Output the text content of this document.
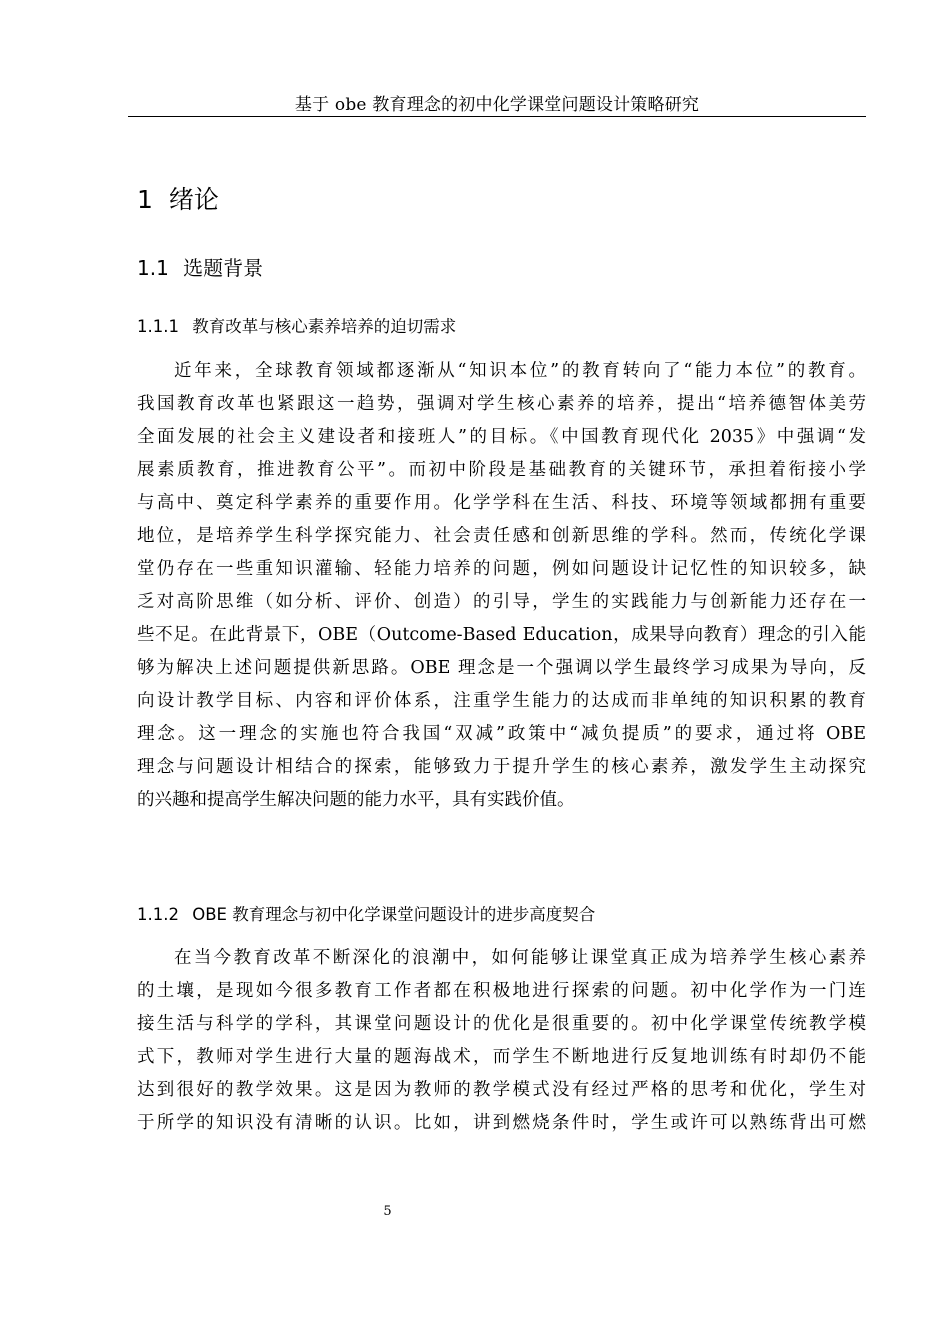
基于 obe 教育理念的初中化学课堂问题设计策略研究
1 绪论
1.1 选题背景
1.1.1 教育改革与核心素养培养的迫切需求
近年来，全球教育领域都逐渐从“知识本位”的教育转向了“能力本位”的教育。
我国教育改革也紧跟这一趋势，强调对学生核心素养的培养，提出“培养德智体美劳
全面发展的社会主义建设者和接班人”的目标。《中国教育现代化 2035》中强调“发
展素质教育，推进教育公平”。而初中阶段是基础教育的关键环节，承担着衔接小学
与高中、奠定科学素养的重要作用。化学学科在生活、科技、环境等领域都拥有重要
地位，是培养学生科学探究能力、社会责任感和创新思维的学科。然而，传统化学课
堂仍存在一些重知识灌输、轻能力培养的问题，例如问题设计记忆性的知识较多，缺
乏对高阶思维（如分析、评价、创造）的引导，学生的实践能力与创新能力还存在一
些不足。在此背景下，OBE（Outcome-Based Education，成果导向教育）理念的引入能
够为解决上述问题提供新思路。OBE 理念是一个强调以学生最终学习成果为导向，反
向设计教学目标、内容和评价体系，注重学生能力的达成而非单纯的知识积累的教育
理念。这一理念的实施也符合我国“双减”政策中“减负提质”的要求，通过将 OBE
理念与问题设计相结合的探索，能够致力于提升学生的核心素养，激发学生主动探究
的兴趣和提高学生解决问题的能力水平，具有实践价值。
1.1.2 OBE 教育理念与初中化学课堂问题设计的进步高度契合
在当今教育改革不断深化的浪潮中，如何能够让课堂真正成为培养学生核心素养
的土壤，是现如今很多教育工作者都在积极地进行探索的问题。初中化学作为一门连
接生活与科学的学科，其课堂问题设计的优化是很重要的。初中化学课堂传统教学模
式下，教师对学生进行大量的题海战术，而学生不断地进行反复地训练有时却仍不能
达到很好的教学效果。这是因为教师的教学模式没有经过严格的思考和优化，学生对
于所学的知识没有清晰的认识。比如，讲到燃烧条件时，学生或许可以熟练背出可燃
5
